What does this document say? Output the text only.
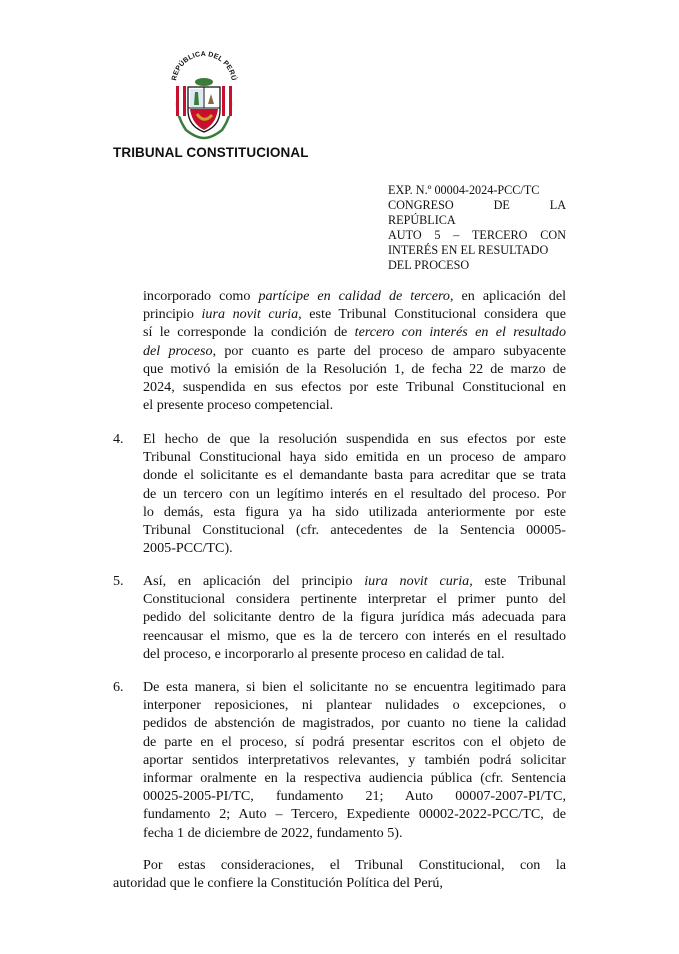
REPÚBLICA DEL PERÚ
TRIBUNAL CONSTITUCIONAL
EXP. N.º 00004-2024-PCC/TC
CONGRESO	DE	LA
REPÚBLICA
AUTO 5 – TERCERO CON
INTERÉS EN EL RESULTADO
DEL PROCESO
incorporado como partícipe en calidad de tercero, en aplicación del
principio iura novit curia, este Tribunal Constitucional considera que
sí le corresponde la condición de tercero con interés en el resultado
del proceso, por cuanto es parte del proceso de amparo subyacente
que motivó la emisión de la Resolución 1, de fecha 22 de marzo de
2024, suspendida en sus efectos por este Tribunal Constitucional en
el presente proceso competencial.
4. El hecho de que la resolución suspendida en sus efectos por este
Tribunal Constitucional haya sido emitida en un proceso de amparo
donde el solicitante es el demandante basta para acreditar que se trata
de un tercero con un legítimo interés en el resultado del proceso. Por
lo demás, esta figura ya ha sido utilizada anteriormente por este
Tribunal Constitucional (cfr. antecedentes de la Sentencia 00005-
2005-PCC/TC).
5. Así, en aplicación del principio iura novit curia, este Tribunal
Constitucional considera pertinente interpretar el primer punto del
pedido del solicitante dentro de la figura jurídica más adecuada para
reencausar el mismo, que es la de tercero con interés en el resultado
del proceso, e incorporarlo al presente proceso en calidad de tal.
6. De esta manera, si bien el solicitante no se encuentra legitimado para
interponer reposiciones, ni plantear nulidades o excepciones, o
pedidos de abstención de magistrados, por cuanto no tiene la calidad
de parte en el proceso, sí podrá presentar escritos con el objeto de
aportar sentidos interpretativos relevantes, y también podrá solicitar
informar oralmente en la respectiva audiencia pública (cfr. Sentencia
00025-2005-PI/TC, fundamento 21; Auto 00007-2007-PI/TC,
fundamento 2; Auto – Tercero, Expediente 00002-2022-PCC/TC, de
fecha 1 de diciembre de 2022, fundamento 5).
Por estas consideraciones, el Tribunal Constitucional, con la
autoridad que le confiere la Constitución Política del Perú,
